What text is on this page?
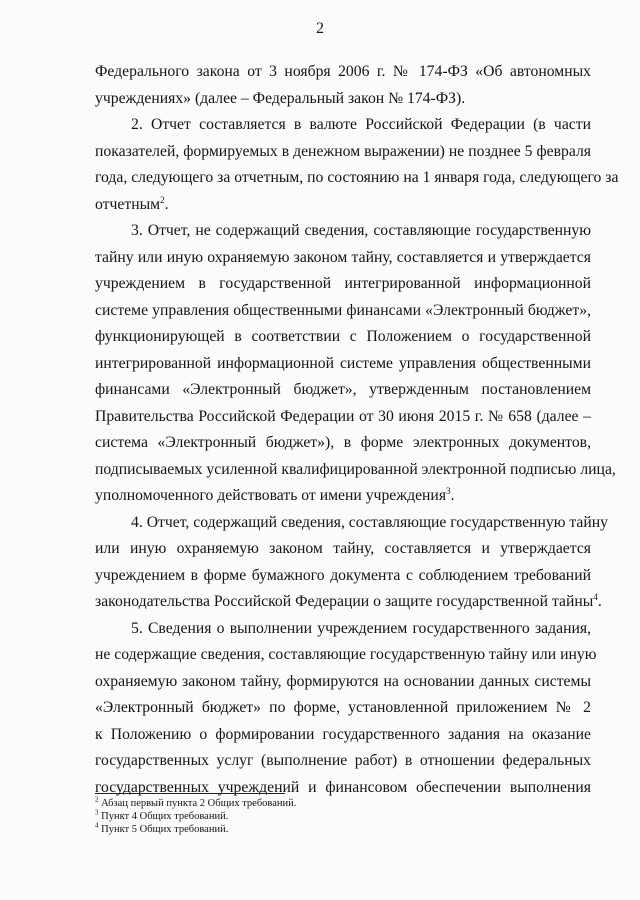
2

Федерального закона от 3 ноября 2006 г. № 174-ФЗ «Об автономных
учреждениях» (далее – Федеральный закон № 174-ФЗ).

2. Отчет составляется в валюте Российской Федерации (в части
показателей, формируемых в денежном выражении) не позднее 5 февраля
года, следующего за отчетным, по состоянию на 1 января года, следующего за
отчетным$^2$.

3. Отчет, не содержащий сведения, составляющие государственную
тайну или иную охраняемую законом тайну, составляется и утверждается
учреждением в государственной интегрированной информационной
системе управления общественными финансами «Электронный бюджет»,
функционирующей в соответствии с Положением о государственной
интегрированной информационной системе управления общественными
финансами «Электронный бюджет», утвержденным постановлением
Правительства Российской Федерации от 30 июня 2015 г. № 658 (далее –
система «Электронный бюджет»), в форме электронных документов,
подписываемых усиленной квалифицированной электронной подписью лица,
уполномоченного действовать от имени учреждения$^3$.

4. Отчет, содержащий сведения, составляющие государственную тайну
или иную охраняемую законом тайну, составляется и утверждается
учреждением в форме бумажного документа с соблюдением требований
законодательства Российской Федерации о защите государственной тайны$^4$.

5. Сведения о выполнении учреждением государственного задания,
не содержащие сведения, составляющие государственную тайну или иную
охраняемую законом тайну, формируются на основании данных системы
«Электронный бюджет» по форме, установленной приложением № 2
к Положению о формировании государственного задания на оказание
государственных услуг (выполнение работ) в отношении федеральных
государственных учреждений и финансовом обеспечении выполнения

$^2$ Абзац первый пункта 2 Общих требований.
$^3$ Пункт 4 Общих требований.
$^4$ Пункт 5 Общих требований.
